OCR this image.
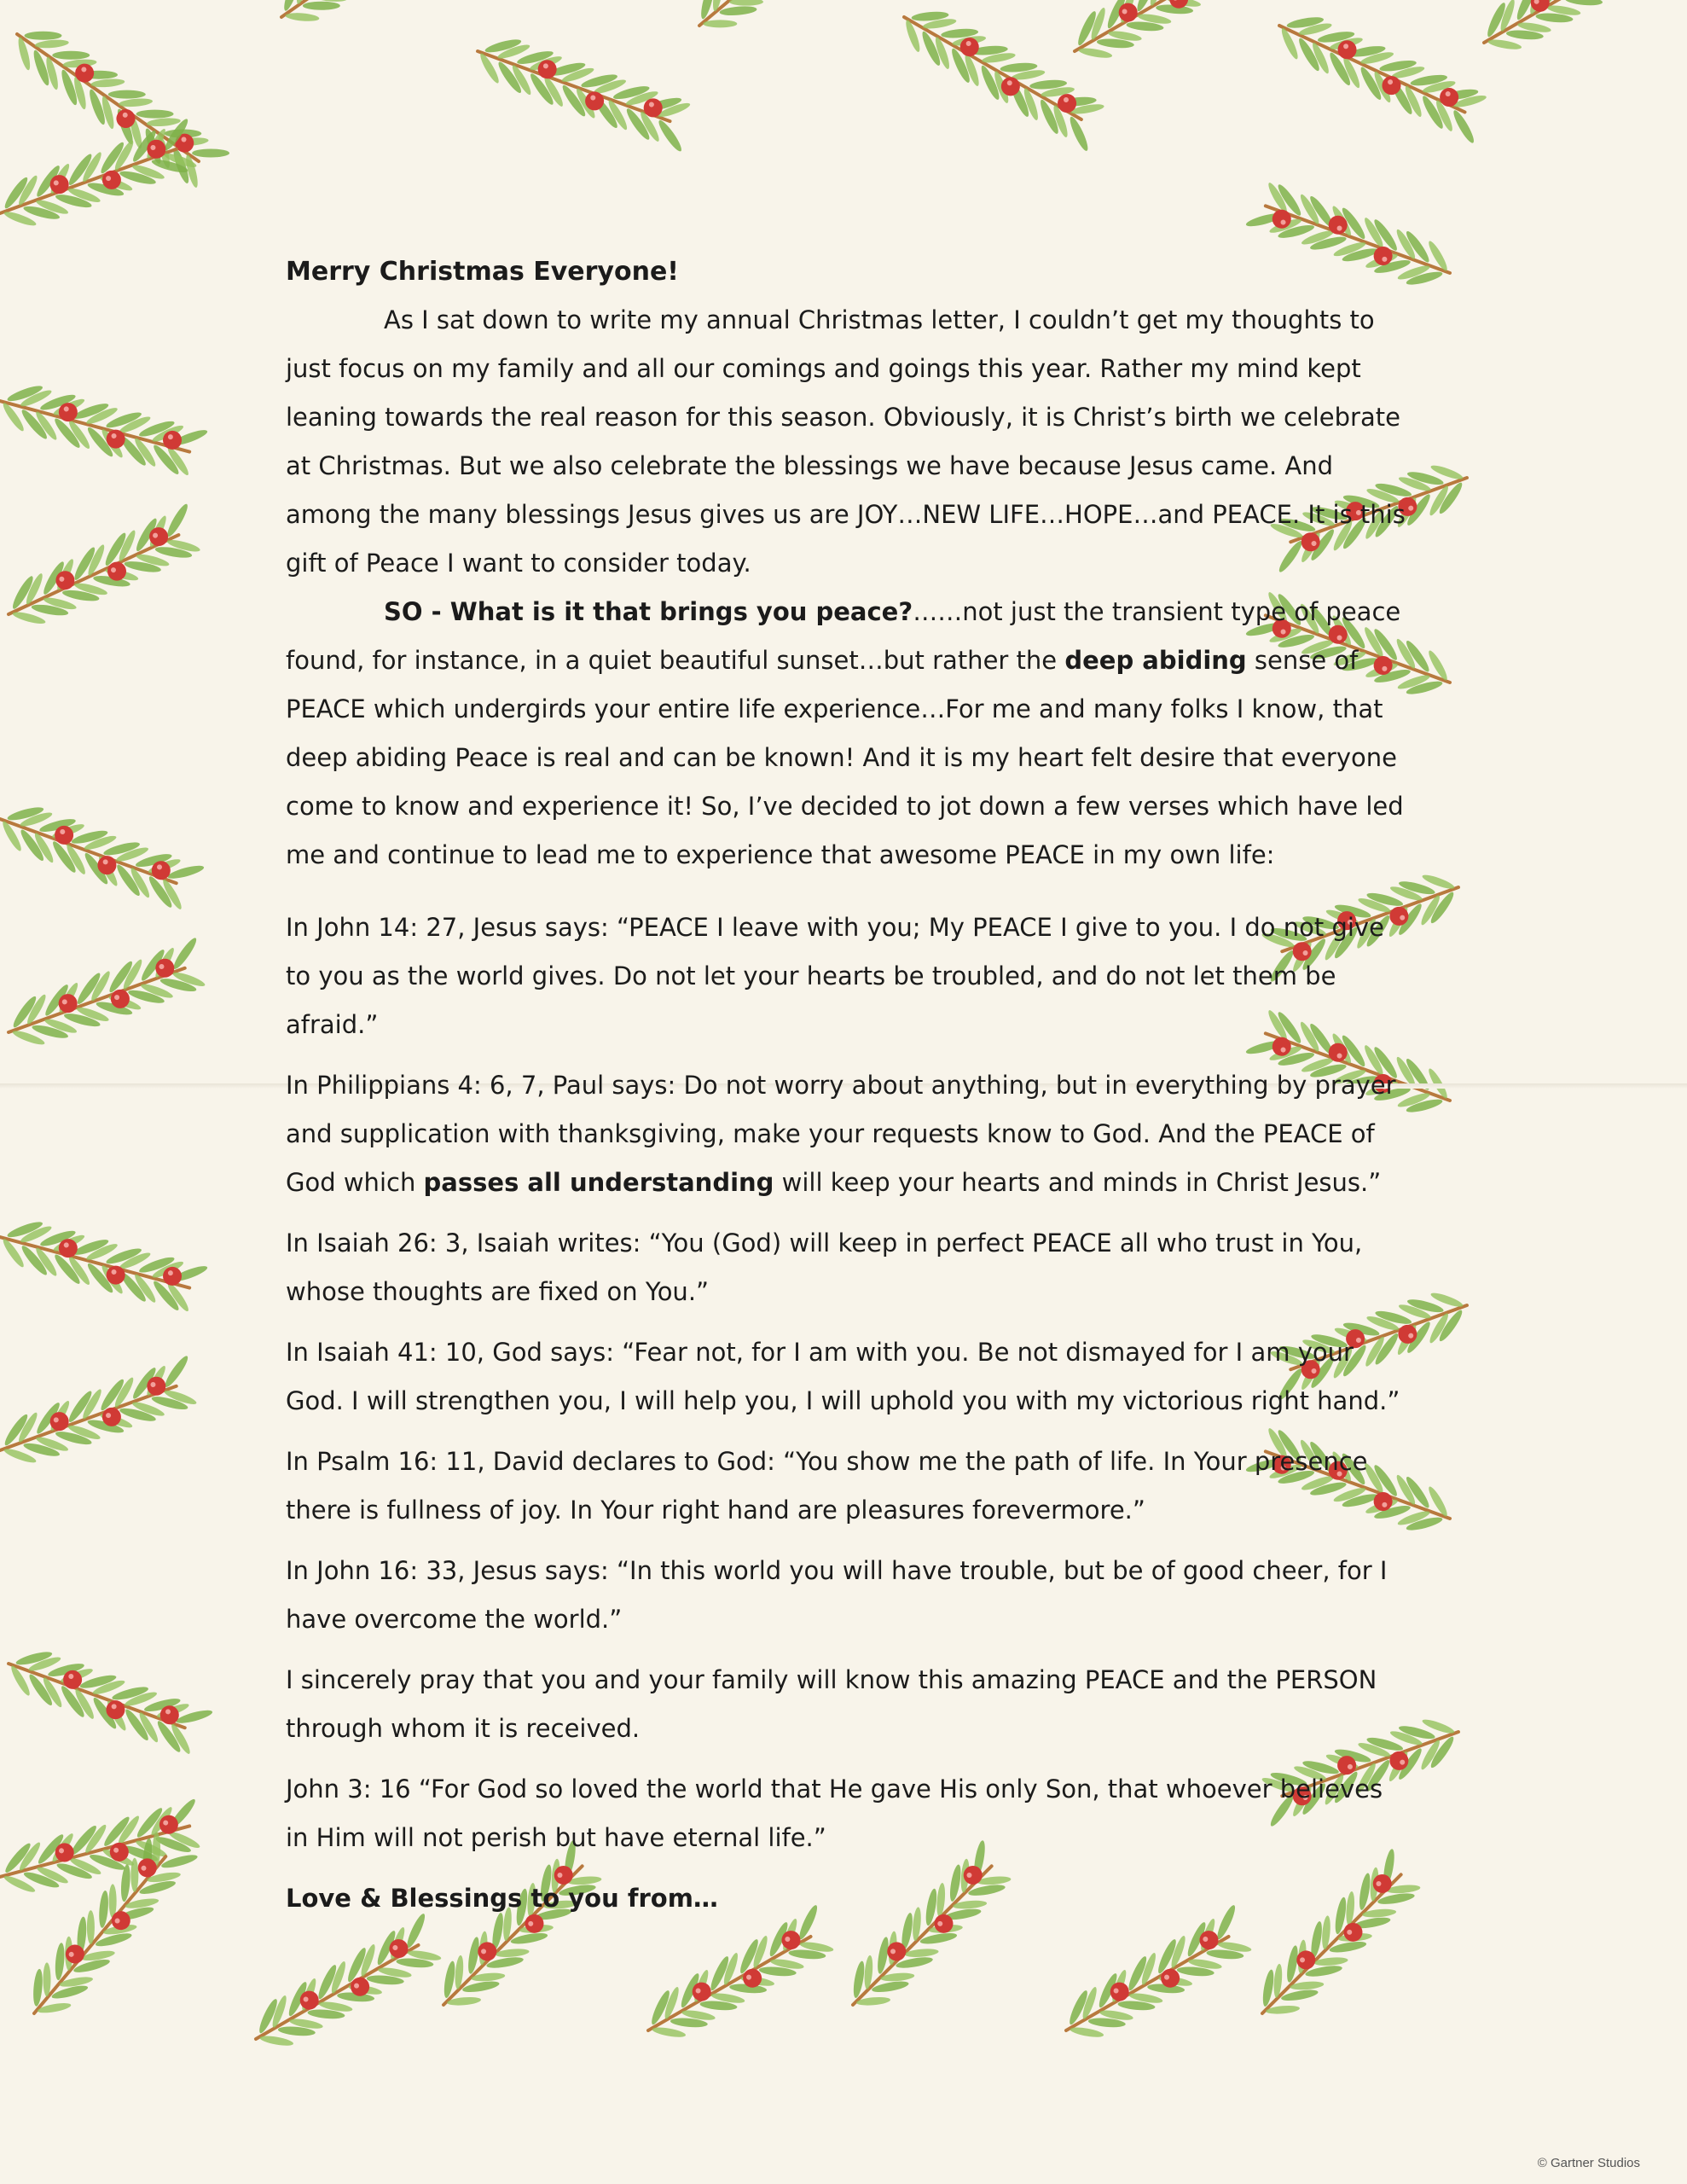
Merry Christmas Everyone!

As I sat down to write my annual Christmas letter, I couldn’t get my thoughts to just focus on my family and all our comings and goings this year. Rather my mind kept leaning towards the real reason for this season. Obviously, it is Christ’s birth we celebrate at Christmas. But we also celebrate the blessings we have because Jesus came. And among the many blessings Jesus gives us are JOY…NEW LIFE…HOPE…and PEACE. It is this gift of Peace I want to consider today.

SO - What is it that brings you peace?……not just the transient type of peace found, for instance, in a quiet beautiful sunset…but rather the deep abiding sense of PEACE which undergirds your entire life experience…For me and many folks I know, that deep abiding Peace is real and can be known! And it is my heart felt desire that everyone come to know and experience it! So, I’ve decided to jot down a few verses which have led me and continue to lead me to experience that awesome PEACE in my own life:

In John 14: 27, Jesus says: “PEACE I leave with you; My PEACE I give to you. I do not give to you as the world gives. Do not let your hearts be troubled, and do not let them be afraid.”

In Philippians 4: 6, 7, Paul says: Do not worry about anything, but in everything by prayer and supplication with thanksgiving, make your requests know to God. And the PEACE of God which passes all understanding will keep your hearts and minds in Christ Jesus.”

In Isaiah 26: 3, Isaiah writes: “You (God) will keep in perfect PEACE all who trust in You, whose thoughts are fixed on You.”

In Isaiah 41: 10, God says: “Fear not, for I am with you. Be not dismayed for I am your God. I will strengthen you, I will help you, I will uphold you with my victorious right hand.”

In Psalm 16: 11, David declares to God: “You show me the path of life. In Your presence there is fullness of joy. In Your right hand are pleasures forevermore.”

In John 16: 33, Jesus says: “In this world you will have trouble, but be of good cheer, for I have overcome the world.”

I sincerely pray that you and your family will know this amazing PEACE and the PERSON through whom it is received.

John 3: 16 “For God so loved the world that He gave His only Son, that whoever believes in Him will not perish but have eternal life.”

Love & Blessings to you from…

© Gartner Studios
